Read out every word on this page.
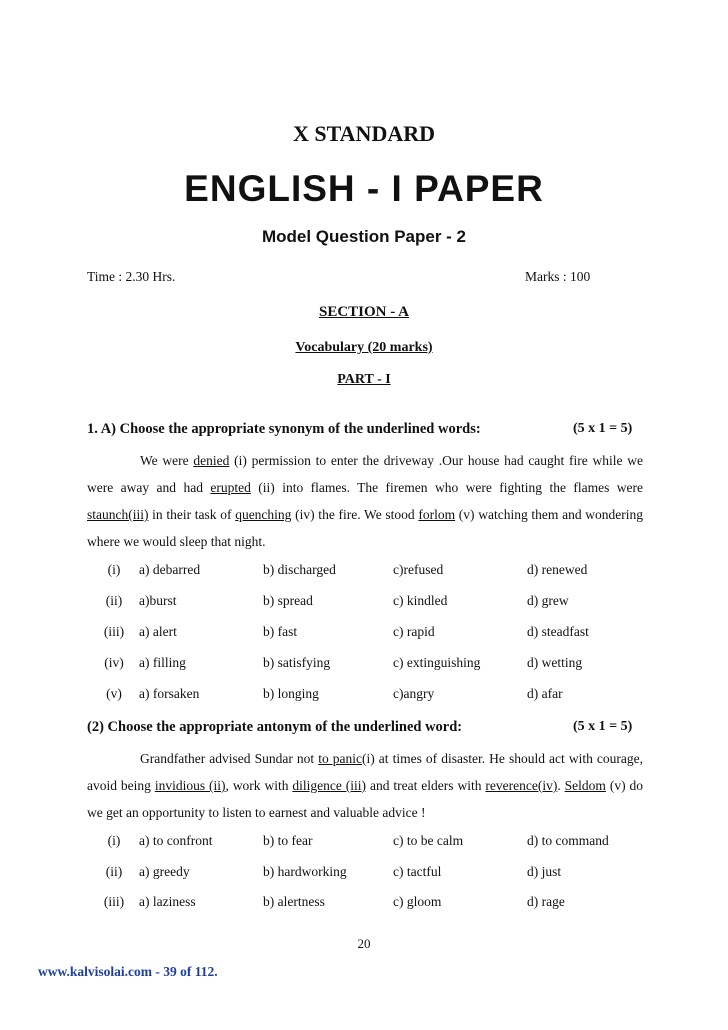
X STANDARD
ENGLISH - I PAPER
Model Question Paper - 2
Time : 2.30 Hrs.	Marks : 100
SECTION - A
Vocabulary (20 marks)
PART - I
1. A) Choose the appropriate synonym of the underlined words:	(5 x 1 = 5)
We were denied (i) permission to enter the driveway .Our house had caught fire while we were away and had erupted (ii) into flames. The firemen who were fighting the flames were staunch(iii) in their task of quenching (iv) the fire. We stood forlom (v) watching them and wondering where we would sleep that night.
(i)	a) debarred	b) discharged	c)refused	d) renewed
(ii)	a)burst	b) spread	c) kindled	d) grew
(iii)	a) alert	b) fast	c) rapid	d) steadfast
(iv)	a) filling	b) satisfying	c) extinguishing	d) wetting
(v)	a) forsaken	b) longing	c)angry	d) afar
(2) Choose the appropriate antonym of the underlined word:	(5 x 1 = 5)
Grandfather advised Sundar not to panic(i) at times of disaster. He should act with courage, avoid being invidious (ii), work with diligence (iii) and treat elders with reverence(iv). Seldom (v) do we get an opportunity to listen to earnest and valuable advice !
(i)	a) to confront	b) to fear	c) to be calm	d) to command
(ii)	a) greedy	b) hardworking	c) tactful	d) just
(iii)	a) laziness	b) alertness	c) gloom	d) rage
20
www.kalvisolai.com - 39 of 112.
